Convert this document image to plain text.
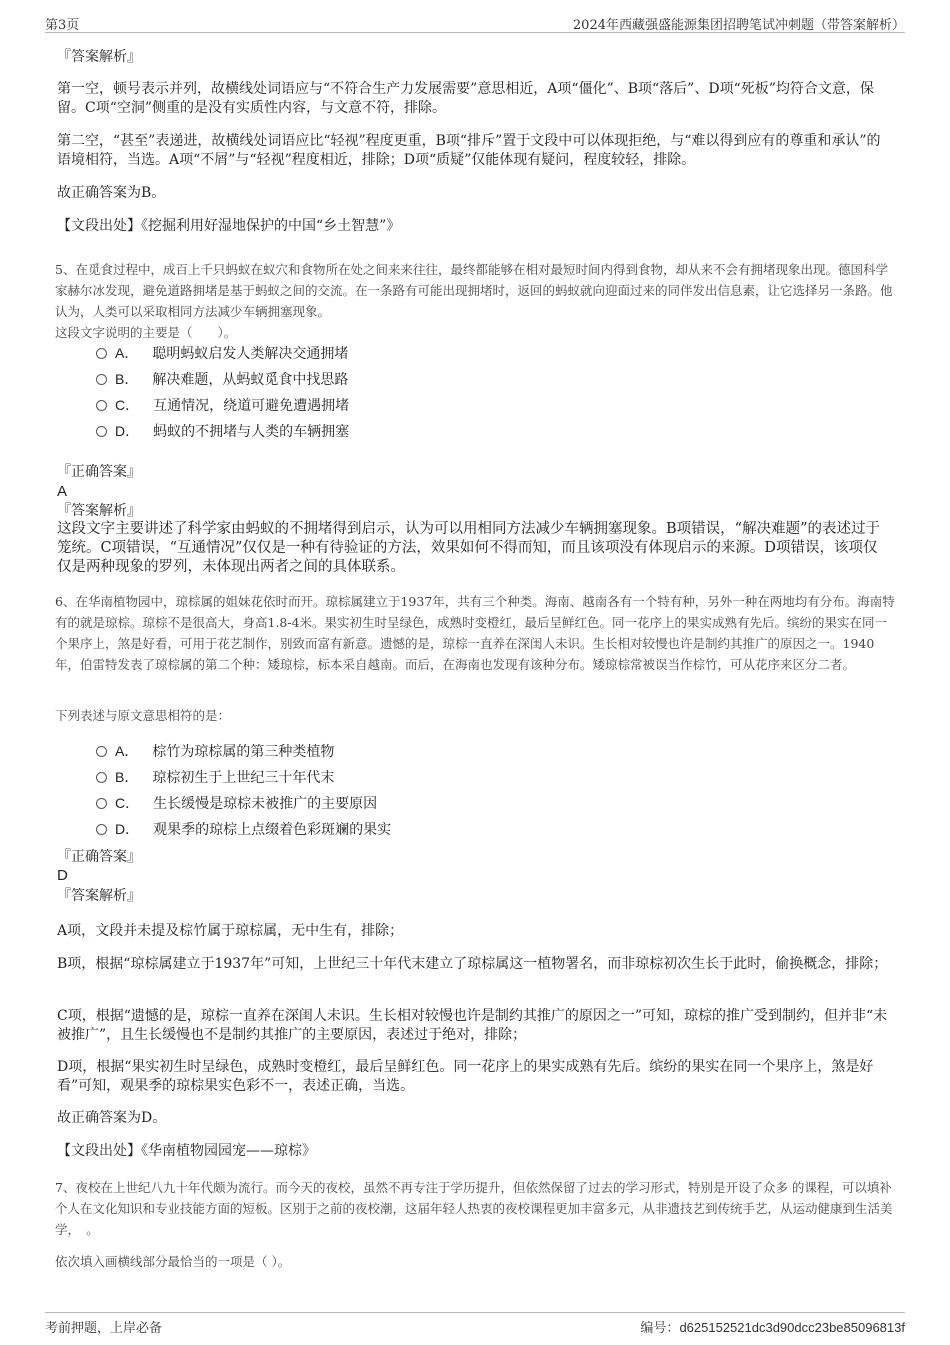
第3页	2024年西藏强盛能源集团招聘笔试冲刺题（带答案解析）
『答案解析』
第一空，顿号表示并列，故横线处词语应与“不符合生产力发展需要”意思相近，A项“僵化”、B项“落后”、D项“死板”均符合文意，保留。C项“空洞”侧重的是没有实质性内容，与文意不符，排除。
第二空，“甚至”表递进，故横线处词语应比“轻视”程度更重，B项“排斥”置于文段中可以体现拒绝，与“难以得到应有的尊重和承认”的语境相符，当选。A项“不屑”与“轻视”程度相近，排除；D项“质疑”仅能体现有疑问，程度较轻，排除。
故正确答案为B。
【文段出处】《挖掘利用好湿地保护的中国“乡土智慧”》
5、在觅食过程中，成百上千只蚂蚁在蚁穴和食物所在处之间来来往往，最终都能够在相对最短时间内得到食物，却从来不会有拥堵现象出现。德国科学家赫尔冰发现，避免道路拥堵是基于蚂蚁之间的交流。在一条路有可能出现拥堵时，返回的蚂蚁就向迎面过来的同伴发出信息素，让它选择另一条路。他认为，人类可以采取相同方法减少车辆拥塞现象。
这段文字说明的主要是（　　）。
A． 聪明蚂蚁启发人类解决交通拥堵
B． 解决难题，从蚂蚁觅食中找思路
C． 互通情况，绕道可避免遭遇拥堵
D． 蚂蚁的不拥堵与人类的车辆拥塞
『正确答案』
A
『答案解析』
这段文字主要讲述了科学家由蚂蚁的不拥堵得到启示，认为可以用相同方法减少车辆拥塞现象。B项错误，“解决难题”的表述过于笼统。C项错误，“互通情况”仅仅是一种有待验证的方法，效果如何不得而知，而且该项没有体现启示的来源。D项错误，该项仅仅是两种现象的罗列，未体现出两者之间的具体联系。
6、在华南植物园中，琼棕属的姐妹花依时而开。琼棕属建立于1937年，共有三个种类。海南、越南各有一个特有种，另外一种在两地均有分布。海南特有的就是琼棕。琼棕不是很高大，身高1.8-4米。果实初生时呈绿色，成熟时变橙红，最后呈鲜红色。同一花序上的果实成熟有先后。缤纷的果实在同一个果序上，煞是好看，可用于花艺制作，别致而富有新意。遗憾的是，琼棕一直养在深闺人未识。生长相对较慢也许是制约其推广的原因之一。1940年，伯雷特发表了琼棕属的第二个种：矮琼棕，标本采自越南。而后，在海南也发现有该种分布。矮琼棕常被误当作棕竹，可从花序来区分二者。
下列表述与原文意思相符的是：
A． 棕竹为琼棕属的第三种类植物
B． 琼棕初生于上世纪三十年代末
C． 生长缓慢是琼棕未被推广的主要原因
D． 观果季的琼棕上点缀着色彩斑斓的果实
『正确答案』
D
『答案解析』
A项，文段并未提及棕竹属于琼棕属，无中生有，排除；
B项，根据“琼棕属建立于1937年”可知，上世纪三十年代末建立了琼棕属这一植物署名，而非琼棕初次生长于此时，偷换概念，排除；
C项，根据“遗憾的是，琼棕一直养在深闺人未识。生长相对较慢也许是制约其推广的原因之一”可知，琼棕的推广受到制约，但并非“未被推广”，且生长缓慢也不是制约其推广的主要原因，表述过于绝对，排除；
D项，根据“果实初生时呈绿色，成熟时变橙红，最后呈鲜红色。同一花序上的果实成熟有先后。缤纷的果实在同一个果序上，煞是好看”可知，观果季的琼棕果实色彩不一，表述正确，当选。
故正确答案为D。
【文段出处】《华南植物园园宠——琼棕》
7、夜校在上世纪八九十年代颇为流行。而今天的夜校，虽然不再专注于学历提升，但依然保留了过去的学习形式，特别是开设了众多 的课程，可以填补个人在文化知识和专业技能方面的短板。区别于之前的夜校潮，这届年轻人热衷的夜校课程更加丰富多元，从非遗技艺到传统手艺，从运动健康到生活美学，　。
依次填入画横线部分最恰当的一项是（ ）。
考前押题，上岸必备	编号：d625152521dc3d90dcc23be85096813f
